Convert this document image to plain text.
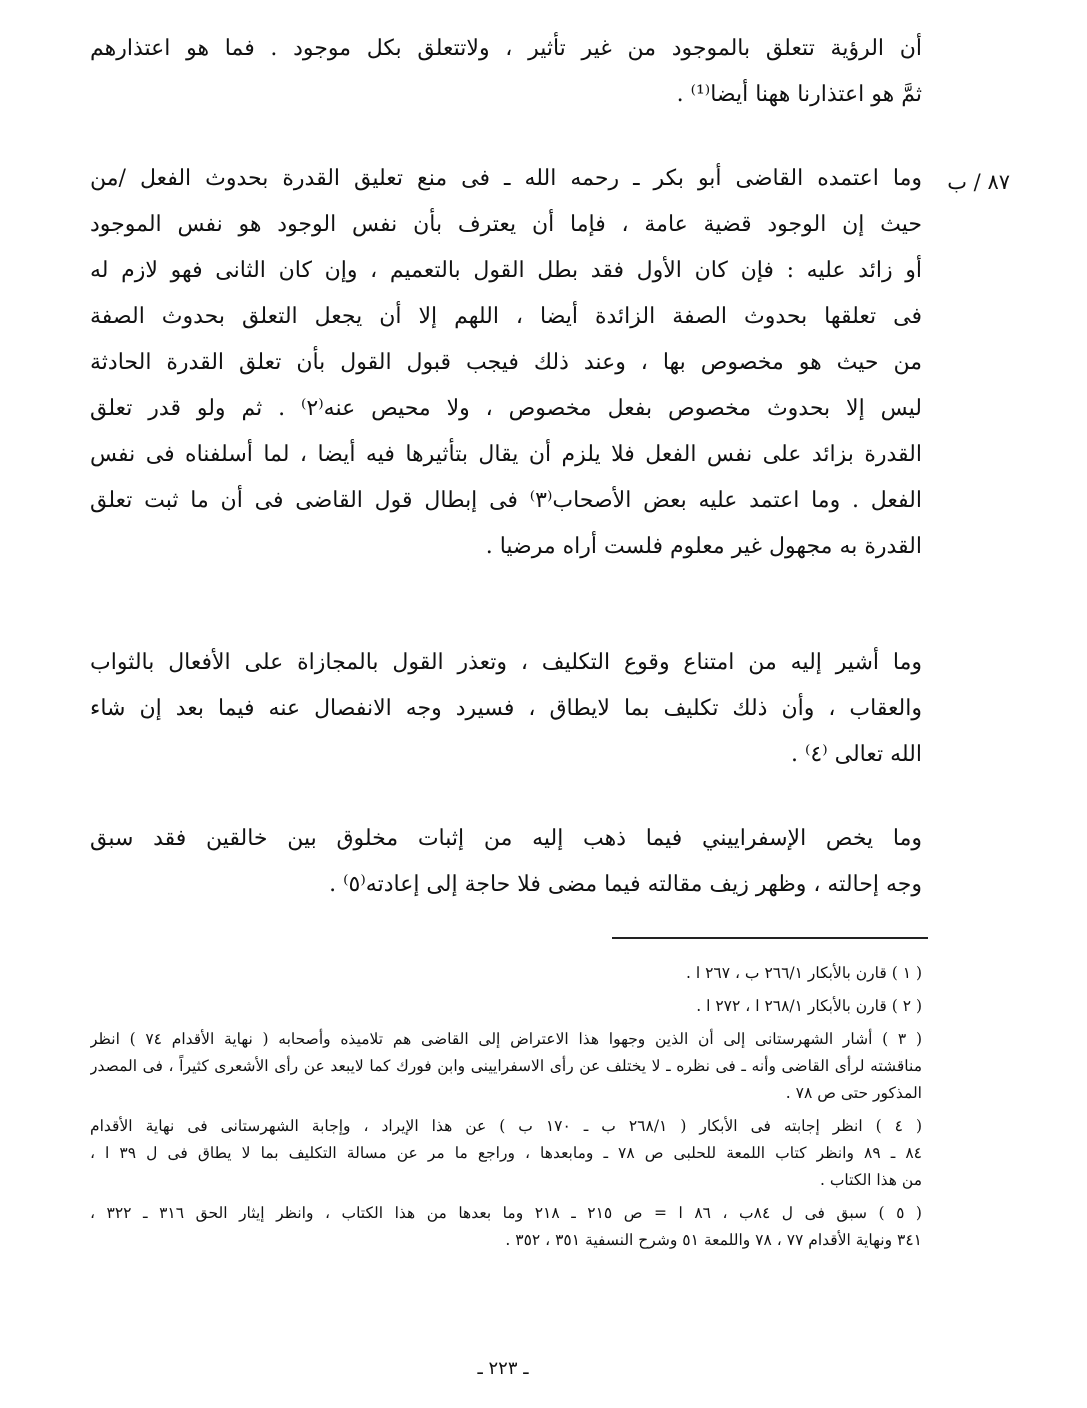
٨٧ / ب
أن الرؤية تتعلق بالموجود من غير تأثير ، ولاتتعلق بكل موجود . فما هو اعتذارهم
ثمَّ هو اعتذارنا ههنا أيضا⁽¹⁾ .
وما اعتمده القاضى أبو بكر ـ رحمه الله ـ فى منع تعليق القدرة بحدوث الفعل /من
حيث إن الوجود قضية عامة ، فإما أن يعترف بأن نفس الوجود هو نفس الموجود
أو زائد عليه : فإن كان الأول فقد بطل القول بالتعميم ، وإن كان الثانى فهو لازم له
فى تعلقها بحدوث الصفة الزائدة أيضا ، اللهم إلا أن يجعل التعلق بحدوث الصفة
من حيث هو مخصوص بها ، وعند ذلك فيجب قبول القول بأن تعلق القدرة الحادثة
ليس إلا بحدوث مخصوص بفعل مخصوص ، ولا محيص عنه⁽٢⁾ . ثم ولو قدر تعلق
القدرة بزائد على نفس الفعل فلا يلزم أن يقال بتأثيرها فيه أيضا ، لما أسلفناه فى نفس
الفعل . وما اعتمد عليه بعض الأصحاب⁽٣⁾ فى إبطال قول القاضى فى أن ما ثبت تعلق
القدرة به مجهول غير معلوم فلست أراه مرضيا .
وما أشير إليه من امتناع وقوع التكليف ، وتعذر القول بالمجازاة على الأفعال بالثواب
والعقاب ، وأن ذلك تكليف بما لايطاق ، فسيرد وجه الانفصال عنه فيما بعد إن شاء
الله تعالى ⁽٤⁾ .
وما يخص الإسفراييني فيما ذهب إليه من إثبات مخلوق بين خالقين فقد سبق
وجه إحالته ، وظهر زيف مقالته فيما مضى فلا حاجة إلى إعادته⁽٥⁾ .
( ١ ) قارن بالأبكار ٢٦٦/١ ب ، ٢٦٧ ا .
( ٢ ) قارن بالأبكار ٢٦٨/١ ا ، ٢٧٢ ا .
( ٣ ) أشار الشهرستانى إلى أن الذين وجهوا هذا الاعتراض إلى القاضى هم تلاميذه وأصحابه ( نهاية الأقدام ٧٤ ) انظر
مناقشته لرأى القاضى وأنه ـ فى نظره ـ لا يختلف عن رأى الاسفرايينى وابن فورك كما لايبعد عن رأى الأشعرى كثيراً ، فى المصدر
المذكور حتى ص ٧٨ .
( ٤ ) انظر إجابته فى الأبكار ( ٢٦٨/١ ب ـ ١٧٠ ب ) عن هذا الإيراد ، وإجابة الشهرستانى فى نهاية الأقدام
٨٤ ـ ٨٩ وانظر كتاب اللمعة للحلبى ص ٧٨ ـ ومابعدها ، وراجع ما مر عن مسالة التكليف بما لا يطاق فى ل ٣٩ ا ،
من هذا الكتاب .
( ٥ ) سبق فى ل ٨٤ب ، ٨٦ ا = ص ٢١٥ ـ ٢١٨ وما بعدها من هذا الكتاب ، وانظر إيثار الحق ٣١٦ ـ ٣٢٢ ،
٣٤١ ونهاية الأقدام ٧٧ ، ٧٨ واللمعة ٥١ وشرح النسفية ٣٥١ ، ٣٥٢ .
ـ ٢٢٣ ـ
